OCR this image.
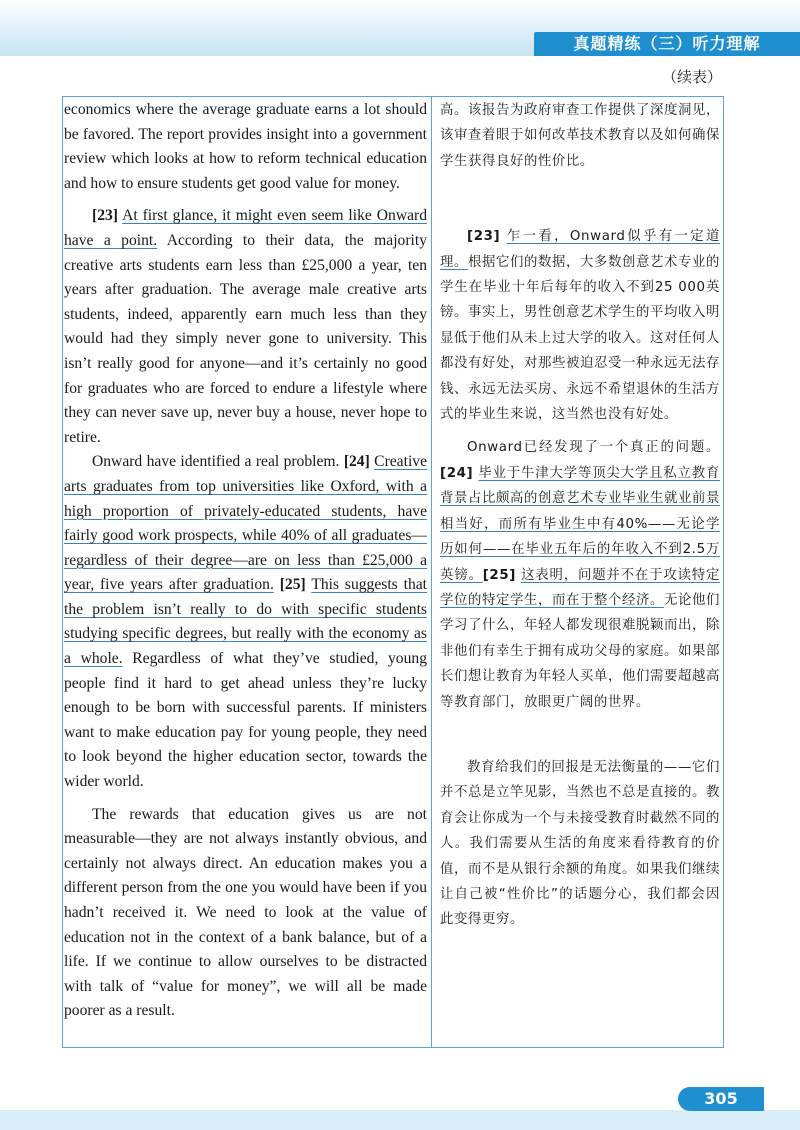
真题精练（三）听力理解
（续表）

economics where the average graduate earns a lot should be favored. The report provides insight into a government review which looks at how to reform technical education and how to ensure students get good value for money.

[23] At first glance, it might even seem like Onward have a point. According to their data, the majority creative arts students earn less than £25,000 a year, ten years after graduation. The average male creative arts students, indeed, apparently earn much less than they would had they simply never gone to university. This isn’t really good for anyone—and it’s certainly no good for graduates who are forced to endure a lifestyle where they can never save up, never buy a house, never hope to retire.

Onward have identified a real problem. [24] Creative arts graduates from top universities like Oxford, with a high proportion of privately-educated students, have fairly good work prospects, while 40% of all graduates—regardless of their degree—are on less than £25,000 a year, five years after graduation. [25] This suggests that the problem isn’t really to do with specific students studying specific degrees, but really with the economy as a whole. Regardless of what they’ve studied, young people find it hard to get ahead unless they’re lucky enough to be born with successful parents. If ministers want to make education pay for young people, they need to look beyond the higher education sector, towards the wider world.

The rewards that education gives us are not measurable—they are not always instantly obvious, and certainly not always direct. An education makes you a different person from the one you would have been if you hadn’t received it. We need to look at the value of education not in the context of a bank balance, but of a life. If we continue to allow ourselves to be distracted with talk of “value for money”, we will all be made poorer as a result.

高。该报告为政府审查工作提供了深度洞见，该审查着眼于如何改革技术教育以及如何确保学生获得良好的性价比。

[23] 乍一看，Onward似乎有一定道理。根据它们的数据，大多数创意艺术专业的学生在毕业十年后每年的收入不到25 000英镑。事实上，男性创意艺术学生的平均收入明显低于他们从未上过大学的收入。这对任何人都没有好处，对那些被迫忍受一种永远无法存钱、永远无法买房、永远不希望退休的生活方式的毕业生来说，这当然也没有好处。

Onward已经发现了一个真正的问题。[24] 毕业于牛津大学等顶尖大学且私立教育背景占比颇高的创意艺术专业毕业生就业前景相当好，而所有毕业生中有40%——无论学历如何——在毕业五年后的年收入不到2.5万英镑。[25] 这表明，问题并不在于攻读特定学位的特定学生，而在于整个经济。无论他们学习了什么，年轻人都发现很难脱颖而出，除非他们有幸生于拥有成功父母的家庭。如果部长们想让教育为年轻人买单，他们需要超越高等教育部门，放眼更广阔的世界。

教育给我们的回报是无法衡量的——它们并不总是立竿见影，当然也不总是直接的。教育会让你成为一个与未接受教育时截然不同的人。我们需要从生活的角度来看待教育的价值，而不是从银行余额的角度。如果我们继续让自己被“性价比”的话题分心，我们都会因此变得更穷。

305
